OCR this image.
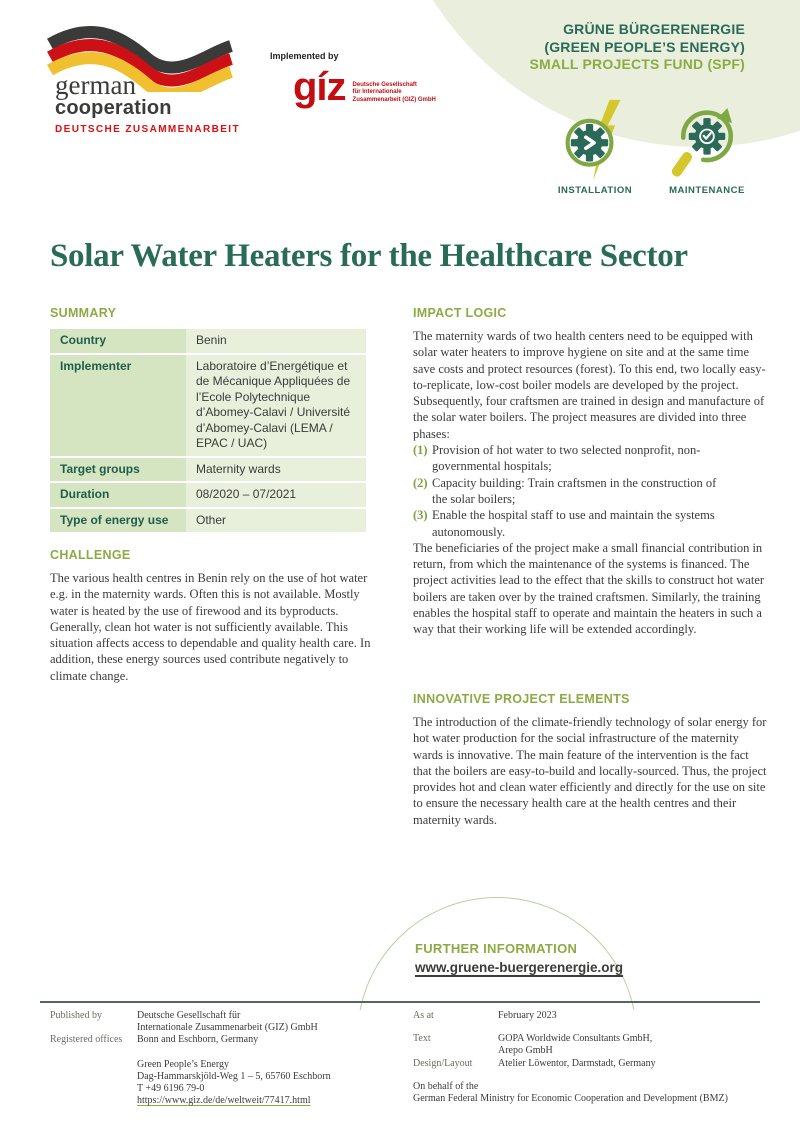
german
cooperation
DEUTSCHE ZUSAMMENARBEIT
Implemented by
gíz Deutsche Gesellschaft
für Internationale
Zusammenarbeit (GIZ) GmbH
GRÜNE BÜRGERENERGIE
(GREEN PEOPLE’S ENERGY)
SMALL PROJECTS FUND (SPF)
INSTALLATION	MAINTENANCE
Solar Water Heaters for the Healthcare Sector
SUMMARY
Country	Benin
Implementer	Laboratoire d’Energétique et de Mécanique Appliquées de l’Ecole Polytechnique d’Abomey-Calavi / Université d’Abomey-Calavi (LEMA / EPAC / UAC)
Target groups	Maternity wards
Duration	08/2020 – 07/2021
Type of energy use	Other
CHALLENGE

The various health centres in Benin rely on the use of hot water e.g. in the maternity wards. Often this is not available. Mostly water is heated by the use of firewood and its byproducts. Generally, clean hot water is not sufficiently available. This situation affects access to dependable and quality health care. In addition, these energy sources used contribute negatively to climate change.

IMPACT LOGIC

The maternity wards of two health centers need to be equipped with solar water heaters to improve hygiene on site and at the same time save costs and protect resources (forest). To this end, two locally easy-to-replicate, low-cost boiler models are developed by the project. Subsequently, four craftsmen are trained in design and manufacture of the solar water boilers. The project measures are divided into three phases:

(1) Provision of hot water to two selected nonprofit, non-governmental hospitals;
(2) Capacity building: Train craftsmen in the construction of the solar boilers;
(3) Enable the hospital staff to use and maintain the systems autonomously.

The beneficiaries of the project make a small financial contribution in return, from which the maintenance of the systems is financed. The project activities lead to the effect that the skills to construct hot water boilers are taken over by the trained craftsmen. Similarly, the training enables the hospital staff to operate and maintain the heaters in such a way that their working life will be extended accordingly.

INNOVATIVE PROJECT ELEMENTS

The introduction of the climate-friendly technology of solar energy for hot water production for the social infrastructure of the maternity wards is innovative. The main feature of the intervention is the fact that the boilers are easy-to-build and locally-sourced. Thus, the project provides hot and clean water efficiently and directly for the use on site to ensure the necessary health care at the health centres and their maternity wards.

FURTHER INFORMATION
www.gruene-buergerenergie.org
Published by	Deutsche Gesellschaft für
Internationale Zusammenarbeit (GIZ) GmbH
Registered offices	Bonn and Eschborn, Germany
Green People’s Energy
Dag-Hammarskjöld-Weg 1 – 5, 65760 Eschborn
T +49 6196 79-0
https://www.giz.de/de/weltweit/77417.html
As at	February 2023
Text	GOPA Worldwide Consultants GmbH,
Arepo GmbH
Design/Layout	Atelier Löwentor, Darmstadt, Germany
On behalf of the
German Federal Ministry for Economic Cooperation and Development (BMZ)
